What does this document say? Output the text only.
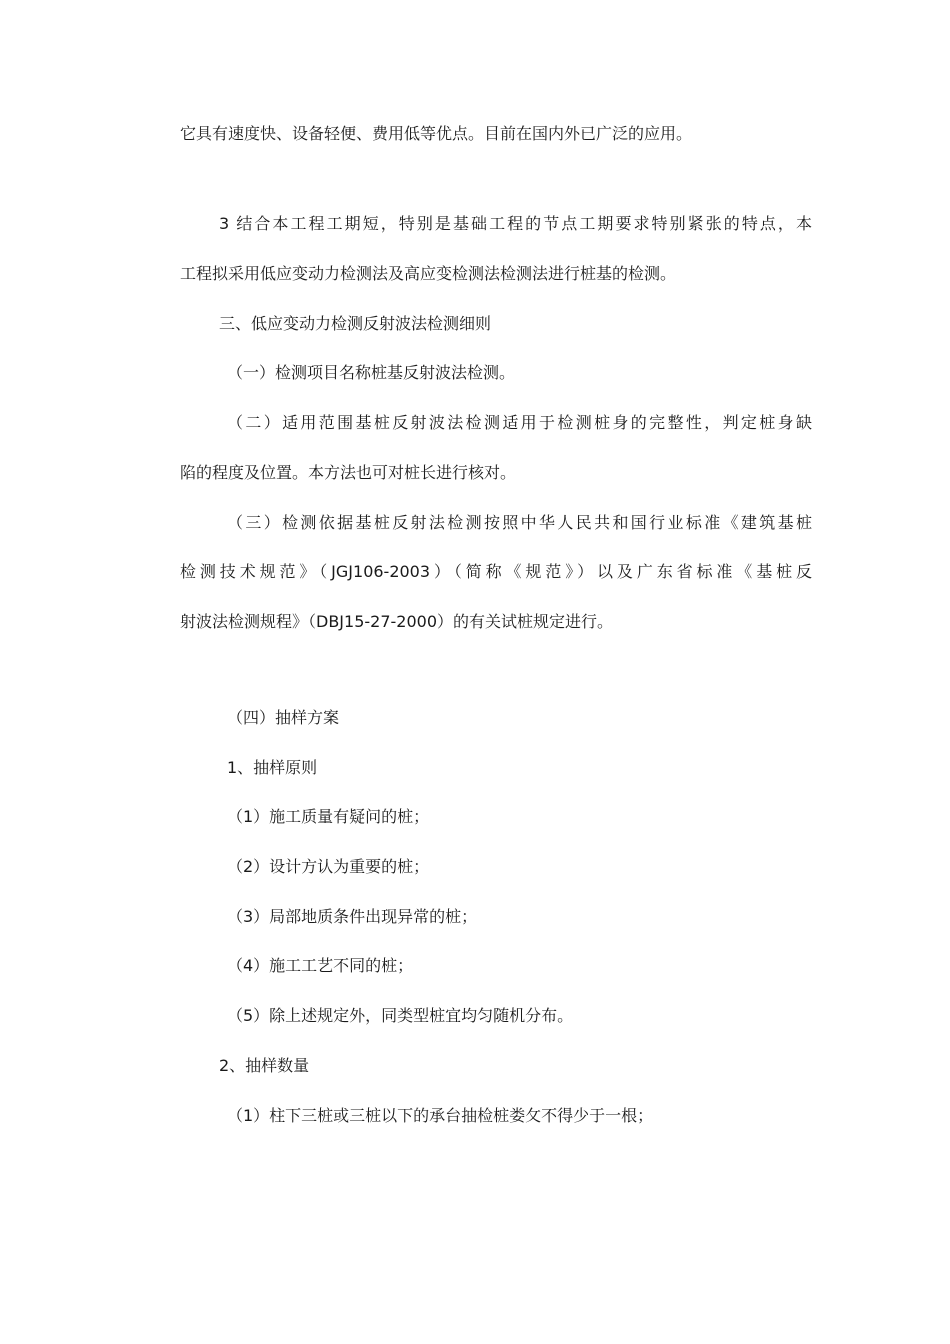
它具有速度快、设备轻便、费用低等优点。目前在国内外已广泛的应用。
3 结合本工程工期短，特别是基础工程的节点工期要求特别紧张的特点，本
工程拟采用低应变动力检测法及高应变检测法检测法进行桩基的检测。
三、低应变动力检测反射波法检测细则
（一）检测项目名称桩基反射波法检测。
（二）适用范围基桩反射波法检测适用于检测桩身的完整性，判定桩身缺
陷的程度及位置。本方法也可对桩长进行核对。
（三）检测依据基桩反射法检测按照中华人民共和国行业标准《建筑基桩
检测技术规范》（JGJ106-2003）（简称《规范》）以及广东省标准《基桩反
射波法检测规程》（DBJ15-27-2000）的有关试桩规定进行。
（四）抽样方案
1、抽样原则
（1）施工质量有疑问的桩；
（2）设计方认为重要的桩；
（3）局部地质条件出现异常的桩；
（4）施工工艺不同的桩；
（5）除上述规定外，同类型桩宜均匀随机分布。
2、抽样数量
（1）柱下三桩或三桩以下的承台抽检桩娄攵不得少于一根；
